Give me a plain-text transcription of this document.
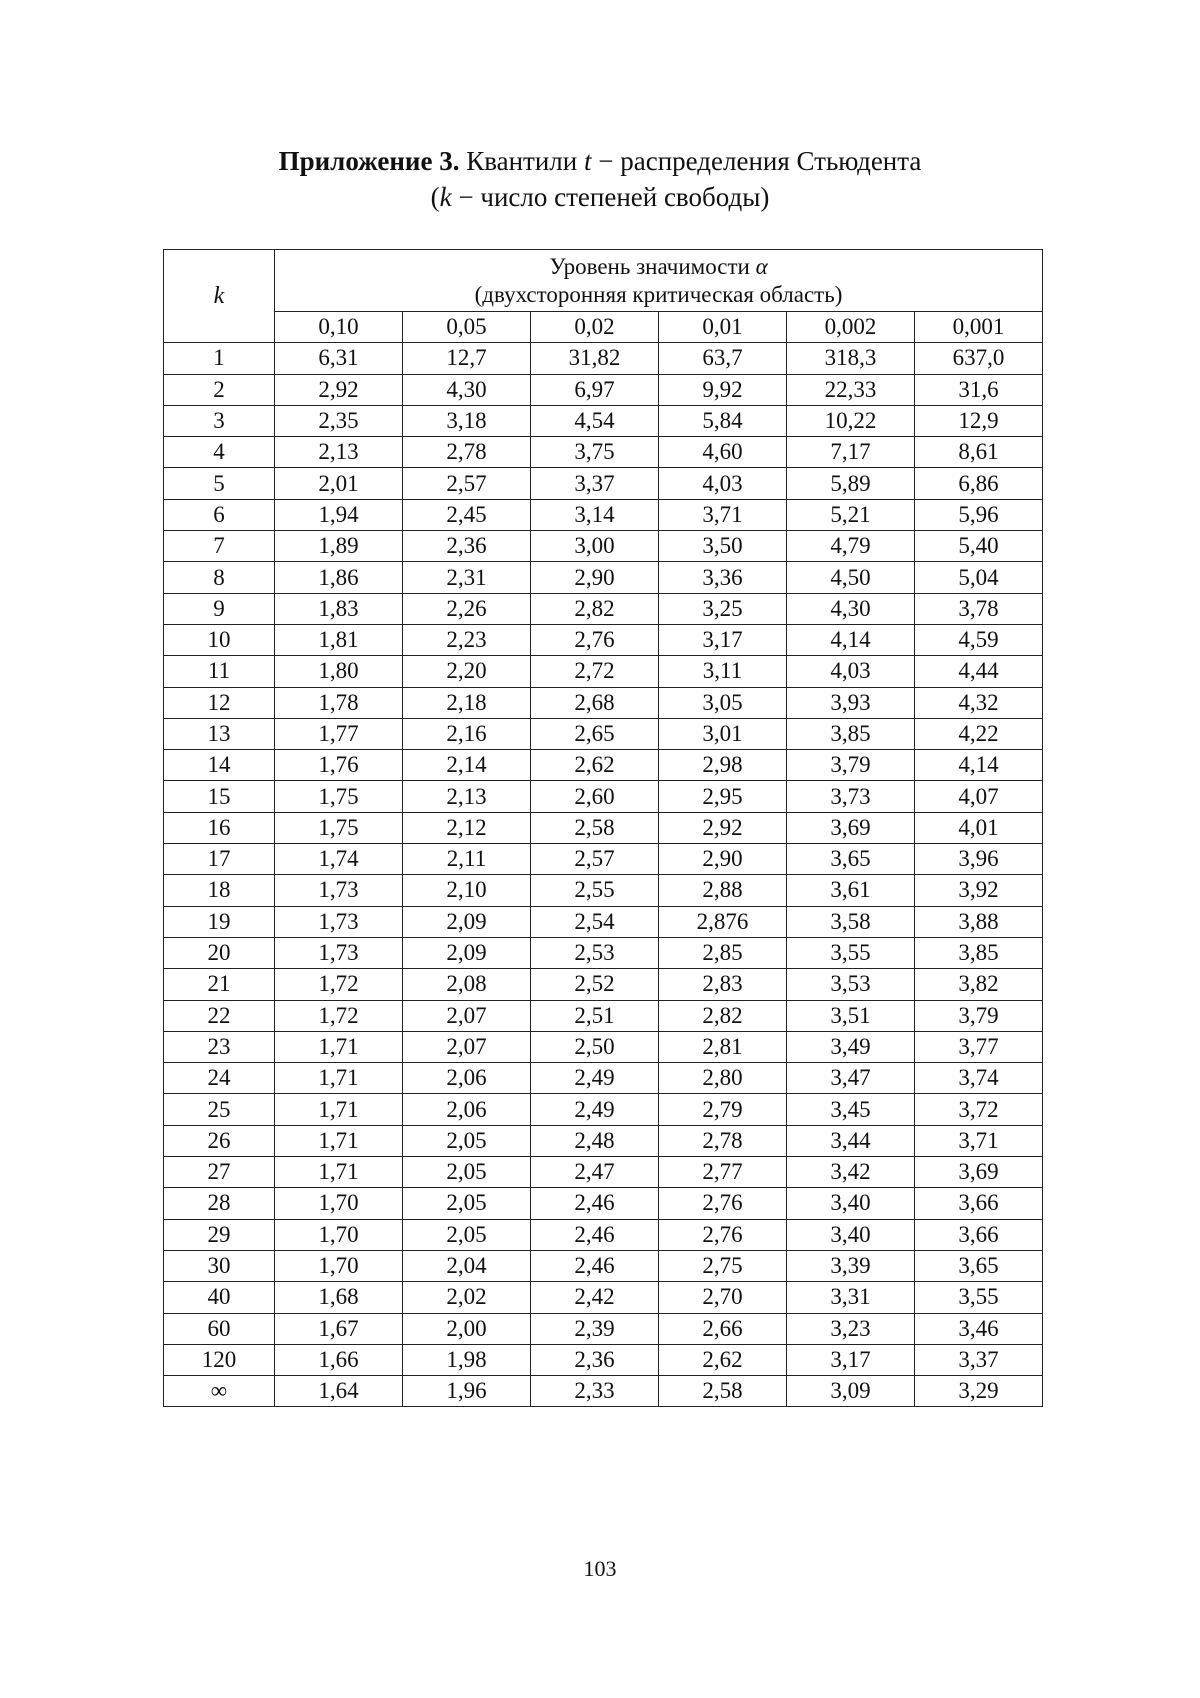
Приложение 3. Квантили t − распределения Стьюдента
(k − число степеней свободы)
k	Уровень значимости α
(двухсторонняя критическая область)					
	0,10	0,05	0,02	0,01	0,002	0,001
1	6,31	12,7	31,82	63,7	318,3	637,0
2	2,92	4,30	6,97	9,92	22,33	31,6
3	2,35	3,18	4,54	5,84	10,22	12,9
4	2,13	2,78	3,75	4,60	7,17	8,61
5	2,01	2,57	3,37	4,03	5,89	6,86
6	1,94	2,45	3,14	3,71	5,21	5,96
7	1,89	2,36	3,00	3,50	4,79	5,40
8	1,86	2,31	2,90	3,36	4,50	5,04
9	1,83	2,26	2,82	3,25	4,30	3,78
10	1,81	2,23	2,76	3,17	4,14	4,59
11	1,80	2,20	2,72	3,11	4,03	4,44
12	1,78	2,18	2,68	3,05	3,93	4,32
13	1,77	2,16	2,65	3,01	3,85	4,22
14	1,76	2,14	2,62	2,98	3,79	4,14
15	1,75	2,13	2,60	2,95	3,73	4,07
16	1,75	2,12	2,58	2,92	3,69	4,01
17	1,74	2,11	2,57	2,90	3,65	3,96
18	1,73	2,10	2,55	2,88	3,61	3,92
19	1,73	2,09	2,54	2,876	3,58	3,88
20	1,73	2,09	2,53	2,85	3,55	3,85
21	1,72	2,08	2,52	2,83	3,53	3,82
22	1,72	2,07	2,51	2,82	3,51	3,79
23	1,71	2,07	2,50	2,81	3,49	3,77
24	1,71	2,06	2,49	2,80	3,47	3,74
25	1,71	2,06	2,49	2,79	3,45	3,72
26	1,71	2,05	2,48	2,78	3,44	3,71
27	1,71	2,05	2,47	2,77	3,42	3,69
28	1,70	2,05	2,46	2,76	3,40	3,66
29	1,70	2,05	2,46	2,76	3,40	3,66
30	1,70	2,04	2,46	2,75	3,39	3,65
40	1,68	2,02	2,42	2,70	3,31	3,55
60	1,67	2,00	2,39	2,66	3,23	3,46
120	1,66	1,98	2,36	2,62	3,17	3,37
∞	1,64	1,96	2,33	2,58	3,09	3,29
103
